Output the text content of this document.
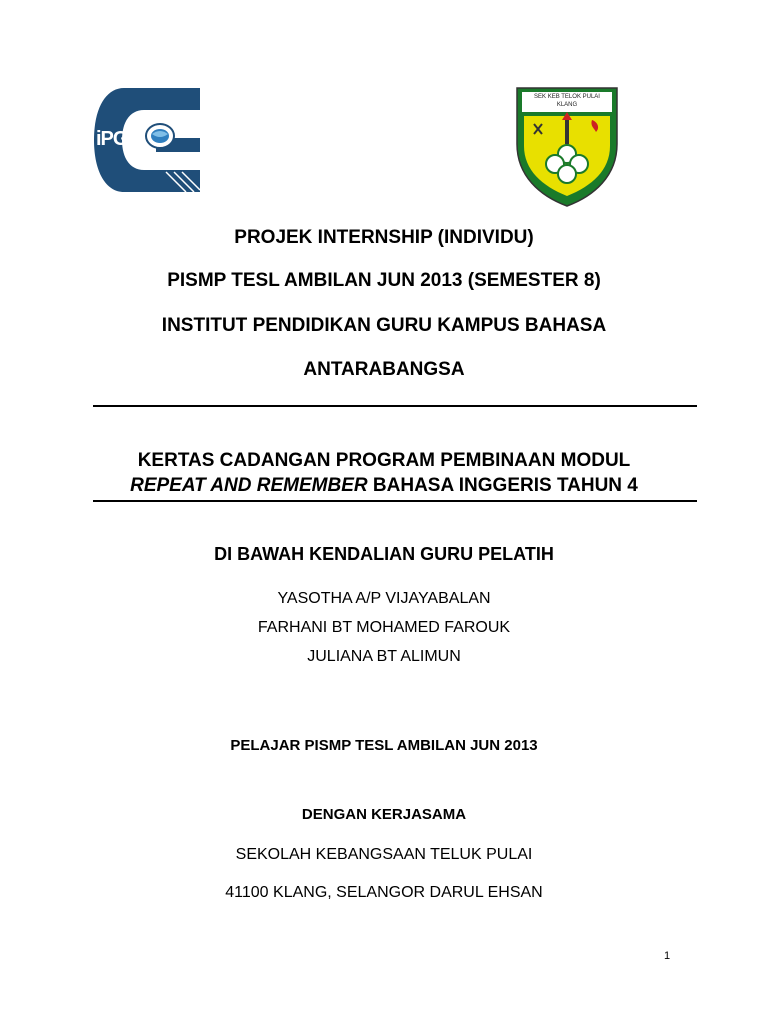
iPG
SEK KEB TELOK PULAI KLANG
PROJEK INTERNSHIP (INDIVIDU)
PISMP TESL AMBILAN JUN 2013 (SEMESTER 8)
INSTITUT PENDIDIKAN GURU KAMPUS BAHASA
ANTARABANGSA
KERTAS CADANGAN PROGRAM PEMBINAAN MODUL
REPEAT AND REMEMBER BAHASA INGGERIS TAHUN 4
DI BAWAH KENDALIAN GURU PELATIH
YASOTHA A/P VIJAYABALAN
FARHANI BT MOHAMED FAROUK
JULIANA BT ALIMUN
PELAJAR PISMP TESL AMBILAN JUN 2013
DENGAN KERJASAMA
SEKOLAH KEBANGSAAN TELUK PULAI
41100 KLANG, SELANGOR DARUL EHSAN
1
